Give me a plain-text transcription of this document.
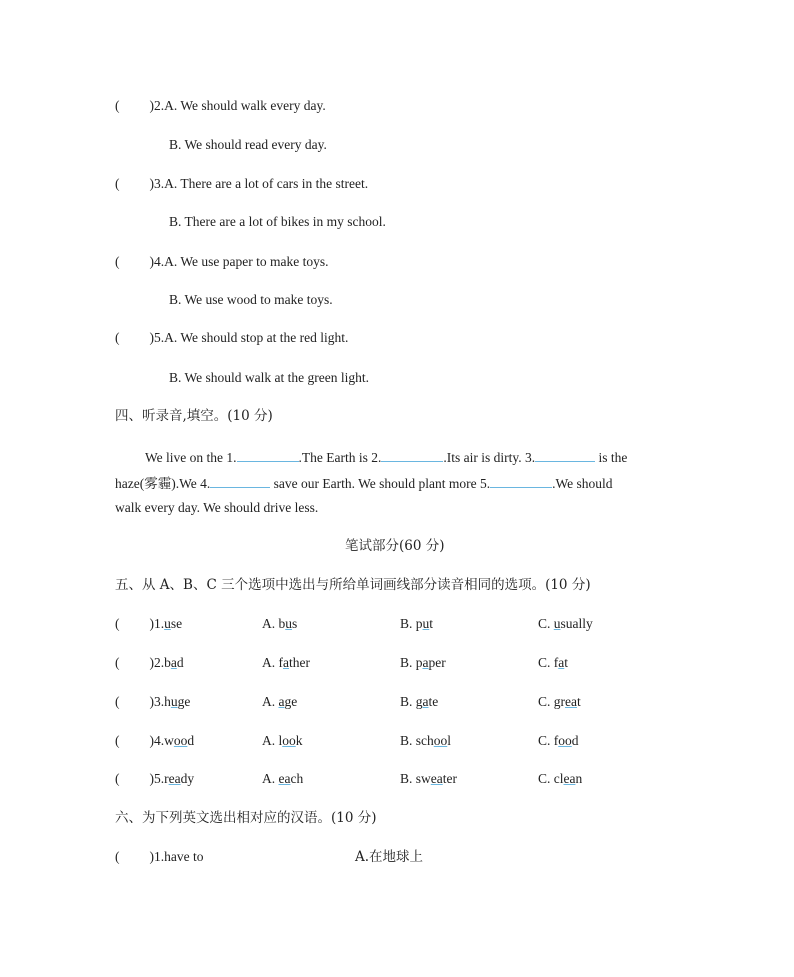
( )2.A. We should walk every day.
B. We should read every day.
( )3.A. There are a lot of cars in the street.
B. There are a lot of bikes in my school.
( )4.A. We use paper to make toys.
B. We use wood to make toys.
( )5.A. We should stop at the red light.
B. We should walk at the green light.
四、听录音,填空。(10 分)
We live on the 1.	.The Earth is 2.	.Its air is dirty. 3.	is the
haze(雾霾).We 4.	save our Earth. We should plant more 5.	.We should
walk every day. We should drive less.
笔试部分(60 分)
五、从 A、B、C 三个选项中选出与所给单词画线部分读音相同的选项。(10 分)
( )1.use	A. bus	B. put	C. usually
( )2.bad	A. father	B. paper	C. fat
( )3.huge	A. age	B. gate	C. great
( )4.wood	A. look	B. school	C. food
( )5.ready	A. each	B. sweater	C. clean
六、为下列英文选出相对应的汉语。(10 分)
( )1.have to	A.在地球上
